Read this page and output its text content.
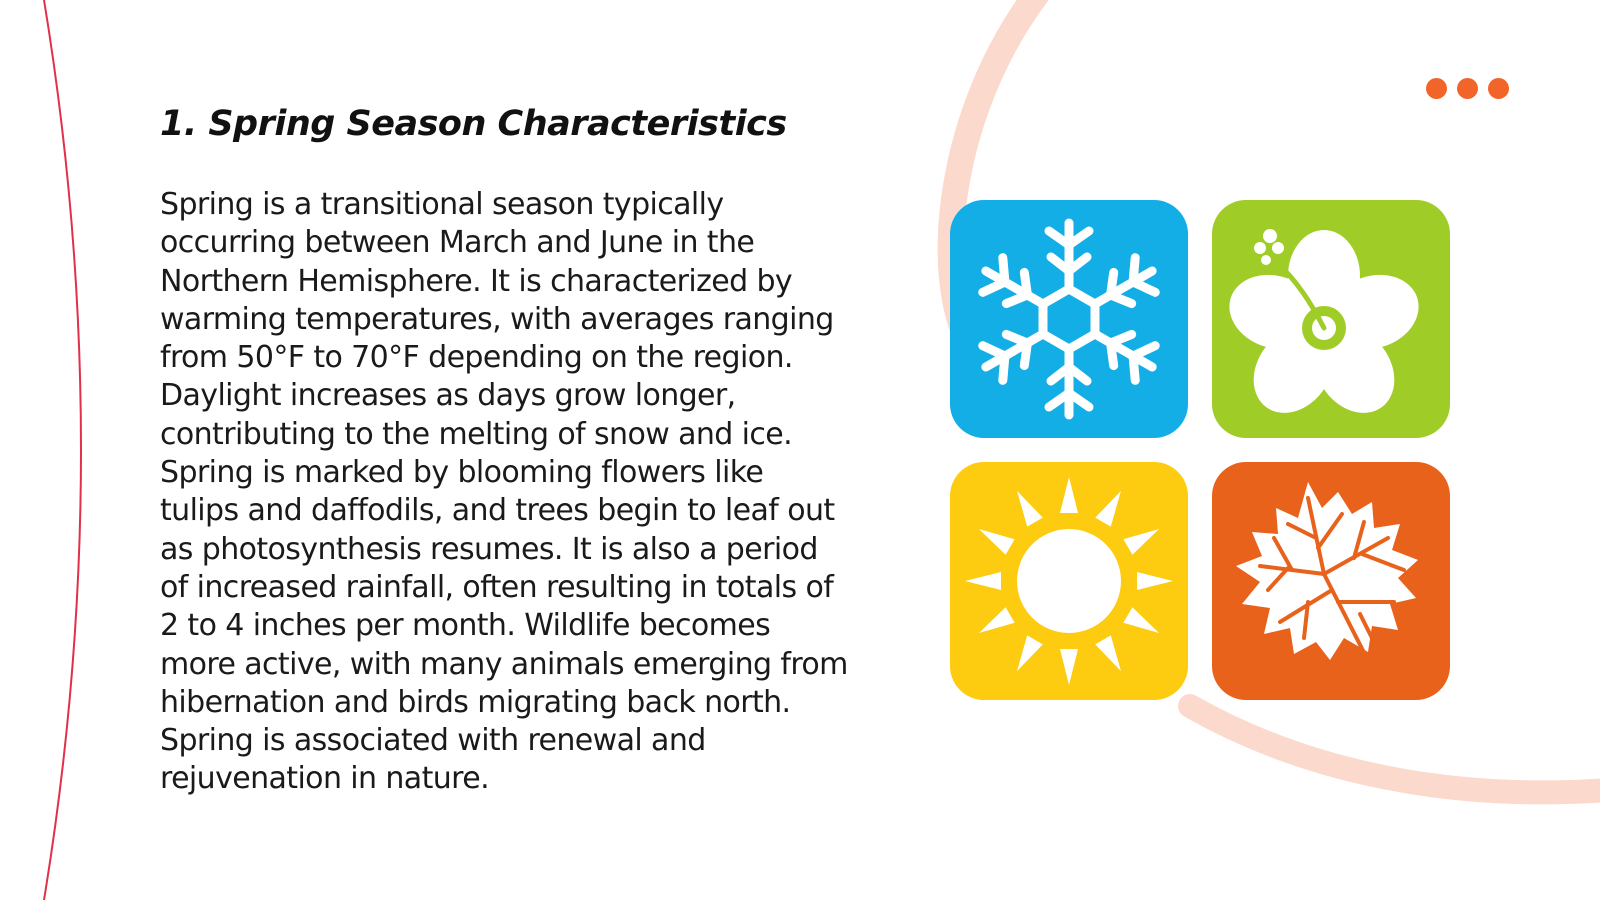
1. Spring Season Characteristics

Spring is a transitional season typically occurring between March and June in the Northern Hemisphere. It is characterized by warming temperatures, with averages ranging from 50°F to 70°F depending on the region. Daylight increases as days grow longer, contributing to the melting of snow and ice. Spring is marked by blooming flowers like tulips and daffodils, and trees begin to leaf out as photosynthesis resumes. It is also a period of increased rainfall, often resulting in totals of 2 to 4 inches per month. Wildlife becomes more active, with many animals emerging from hibernation and birds migrating back north. Spring is associated with renewal and rejuvenation in nature.
